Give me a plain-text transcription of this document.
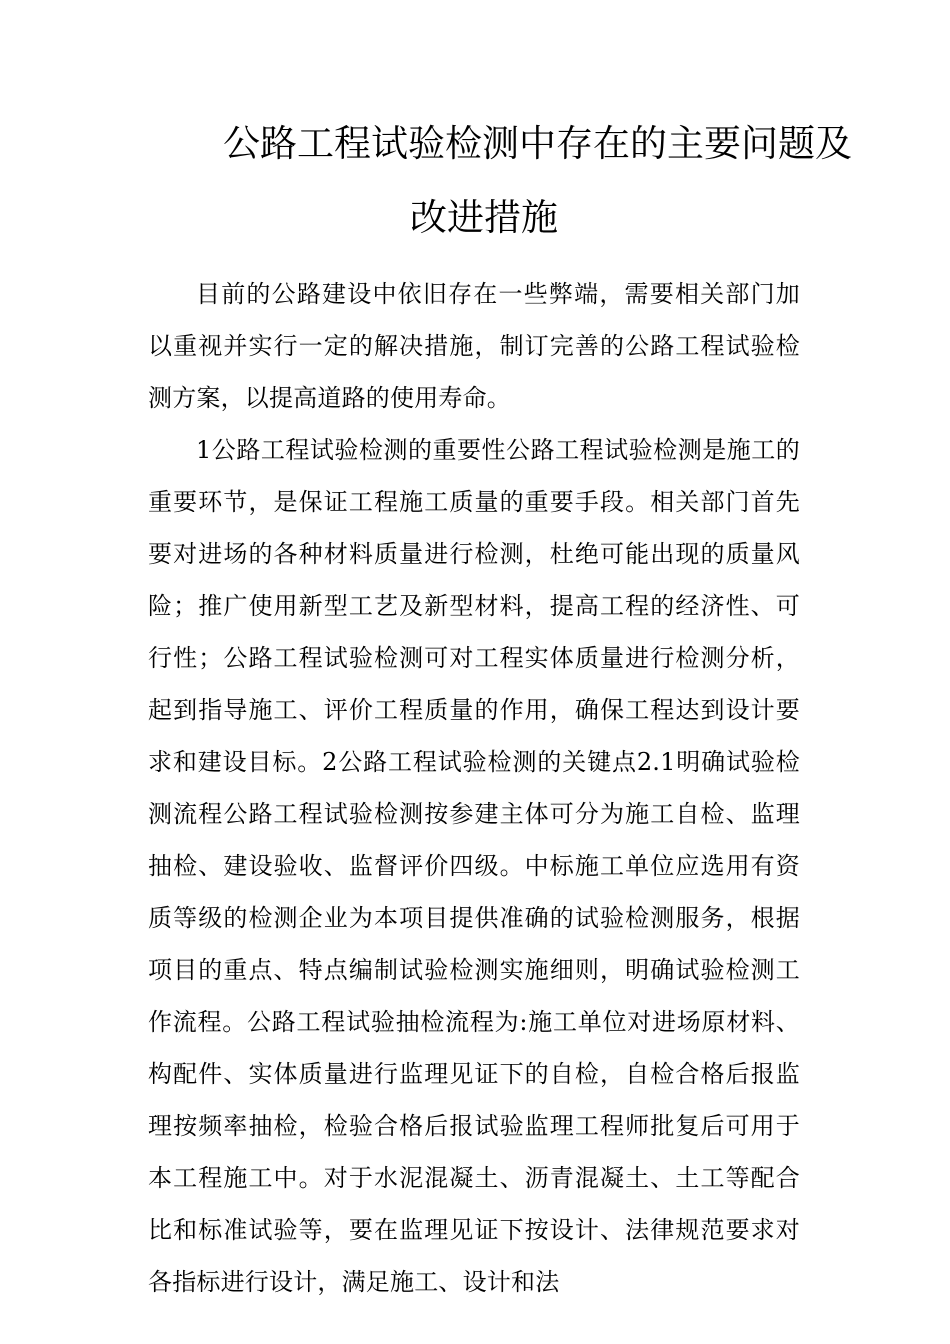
公路工程试验检测中存在的主要问题及
改进措施

目前的公路建设中依旧存在一些弊端，需要相关部门加以重视并实行一定的解决措施，制订完善的公路工程试验检测方案，以提高道路的使用寿命。

1公路工程试验检测的重要性公路工程试验检测是施工的重要环节，是保证工程施工质量的重要手段。相关部门首先要对进场的各种材料质量进行检测，杜绝可能出现的质量风险；推广使用新型工艺及新型材料，提高工程的经济性、可行性；公路工程试验检测可对工程实体质量进行检测分析，起到指导施工、评价工程质量的作用，确保工程达到设计要求和建设目标。2公路工程试验检测的关键点2.1明确试验检测流程公路工程试验检测按参建主体可分为施工自检、监理抽检、建设验收、监督评价四级。中标施工单位应选用有资质等级的检测企业为本项目提供准确的试验检测服务，根据项目的重点、特点编制试验检测实施细则，明确试验检测工作流程。公路工程试验抽检流程为:施工单位对进场原材料、构配件、实体质量进行监理见证下的自检，自检合格后报监理按频率抽检，检验合格后报试验监理工程师批复后可用于本工程施工中。对于水泥混凝土、沥青混凝土、土工等配合比和标准试验等，要在监理见证下按设计、法律规范要求对各指标进行设计，满足施工、设计和法
